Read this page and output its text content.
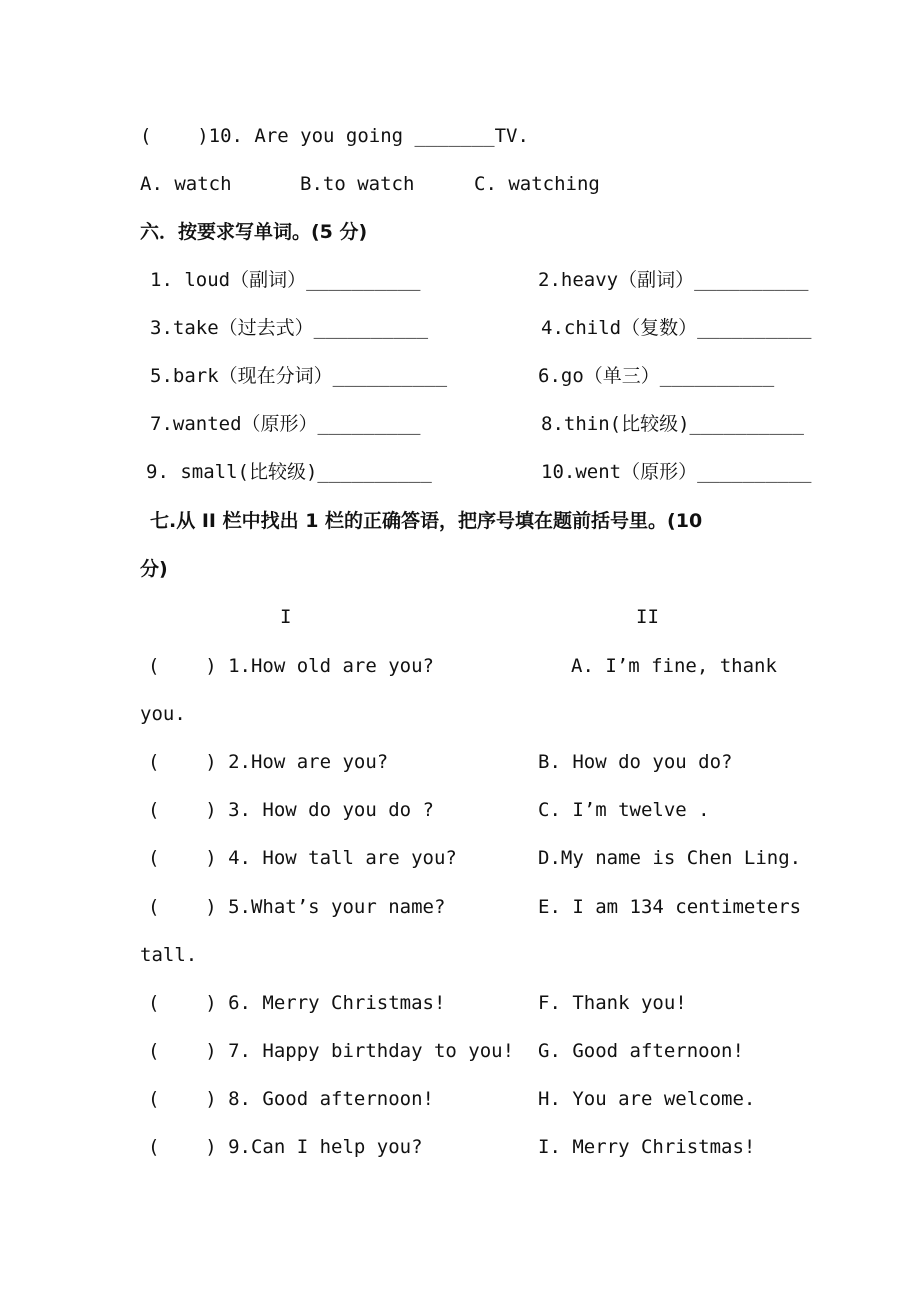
(    )10. Are you going _______TV.
A. watch	B.to watch	C. watching
六．按要求写单词。(5 分)
1. loud（副词）__________	2.heavy（副词）__________
3.take（过去式）__________	4.child（复数）__________
5.bark（现在分词）__________	6.go（单三）__________
7.wanted（原形）_________	8.thin(比较级)__________
9. small(比较级)__________	10.went（原形）__________
七.从 II 栏中找出 1 栏的正确答语，把序号填在题前括号里。(10
分)
I	II
(    ) 1.How old are you?	A. I’m fine, thank
you.
(    ) 2.How are you?	B. How do you do?
(    ) 3. How do you do ?	C. I’m twelve .
(    ) 4. How tall are you?	D.My name is Chen Ling.
(    ) 5.What’s your name?	E. I am 134 centimeters
tall.
(    ) 6. Merry Christmas!	F. Thank you!
(    ) 7. Happy birthday to you! G. Good afternoon!
(    ) 8. Good afternoon!	H. You are welcome.
(    ) 9.Can I help you?	I. Merry Christmas!
